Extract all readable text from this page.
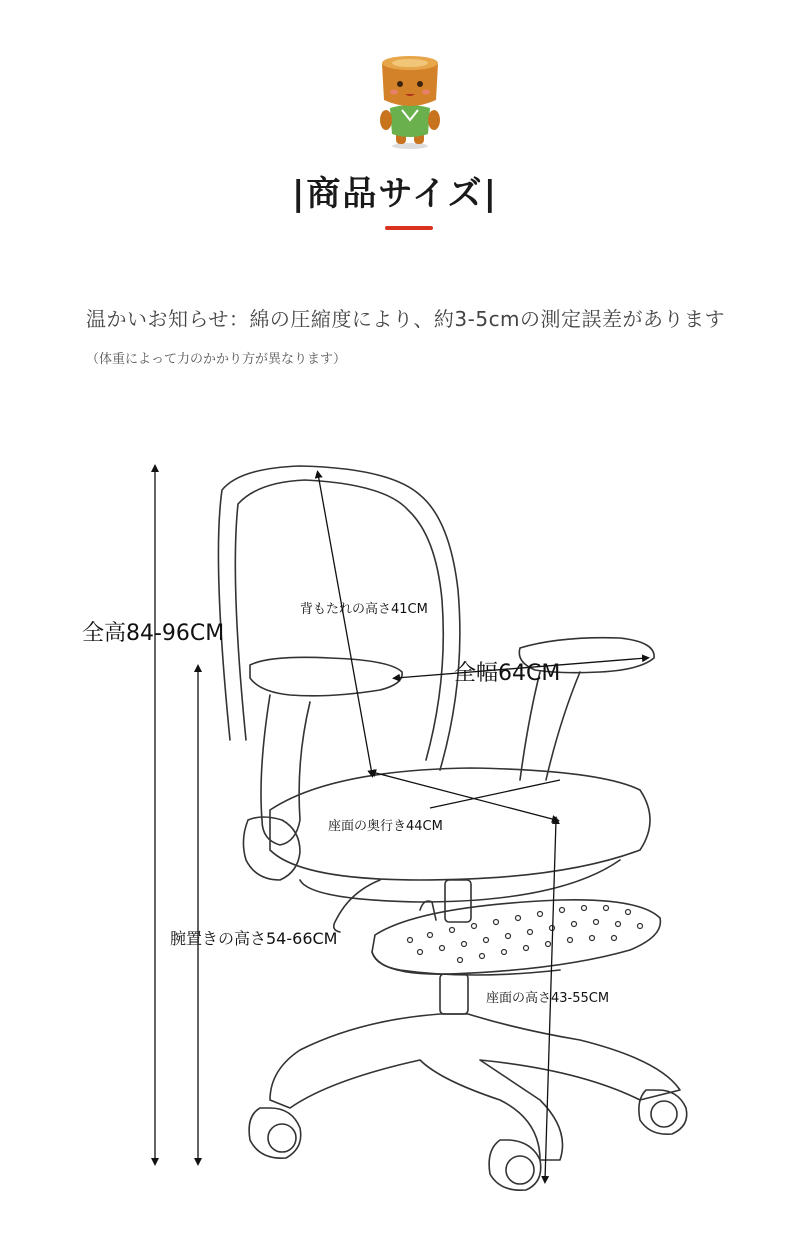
|商品サイズ|
温かいお知らせ：綿の圧縮度により、約3-5cmの測定誤差があります
（体重によって力のかかり方が異なります）
全高84-96CM
背もたれの高さ41CM
全幅64CM
座面の奥行き44CM
腕置きの高さ54-66CM
座面の高さ43-55CM
